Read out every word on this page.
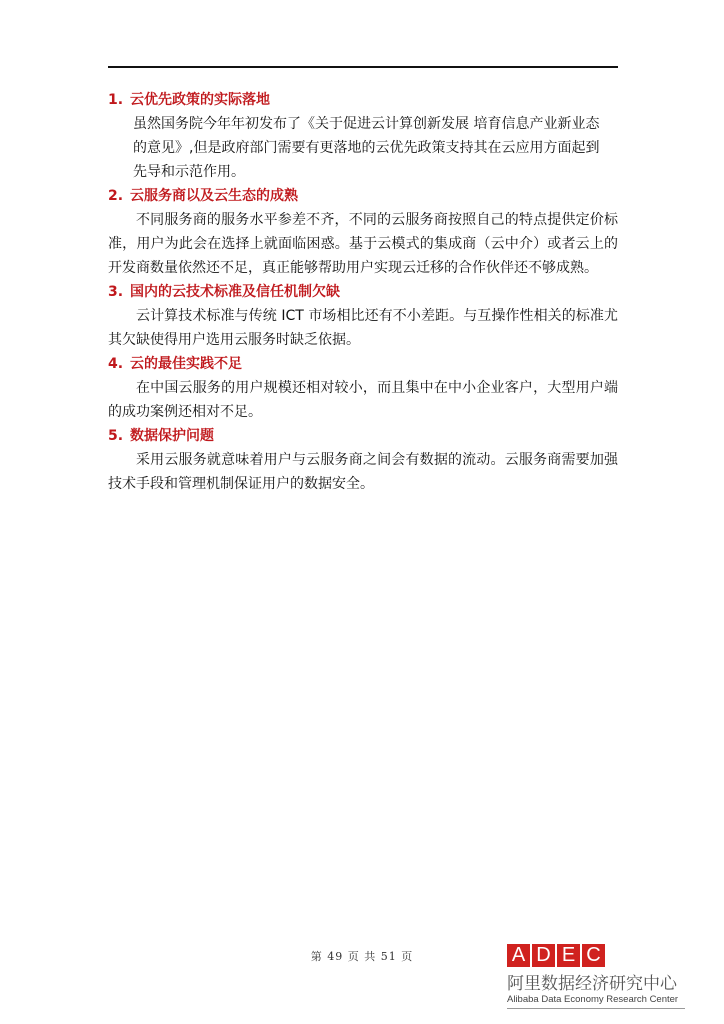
1. 云优先政策的实际落地

虽然国务院今年年初发布了《关于促进云计算创新发展 培育信息产业新业态

的意见》,但是政府部门需要有更落地的云优先政策支持其在云应用方面起到

先导和示范作用。

2. 云服务商以及云生态的成熟

不同服务商的服务水平参差不齐，不同的云服务商按照自己的特点提供定价标准，用户为此会在选择上就面临困惑。基于云模式的集成商（云中介）或者云上的开发商数量依然还不足，真正能够帮助用户实现云迁移的合作伙伴还不够成熟。

3. 国内的云技术标准及信任机制欠缺

云计算技术标准与传统 ICT 市场相比还有不小差距。与互操作性相关的标准尤其欠缺使得用户选用云服务时缺乏依据。

4. 云的最佳实践不足

在中国云服务的用户规模还相对较小，而且集中在中小企业客户，大型用户端的成功案例还相对不足。

5. 数据保护问题

采用云服务就意味着用户与云服务商之间会有数据的流动。云服务商需要加强技术手段和管理机制保证用户的数据安全。

第 49 页 共 51 页	A D E C
阿里数据经济研究中心
Alibaba Data Economy Research Center
